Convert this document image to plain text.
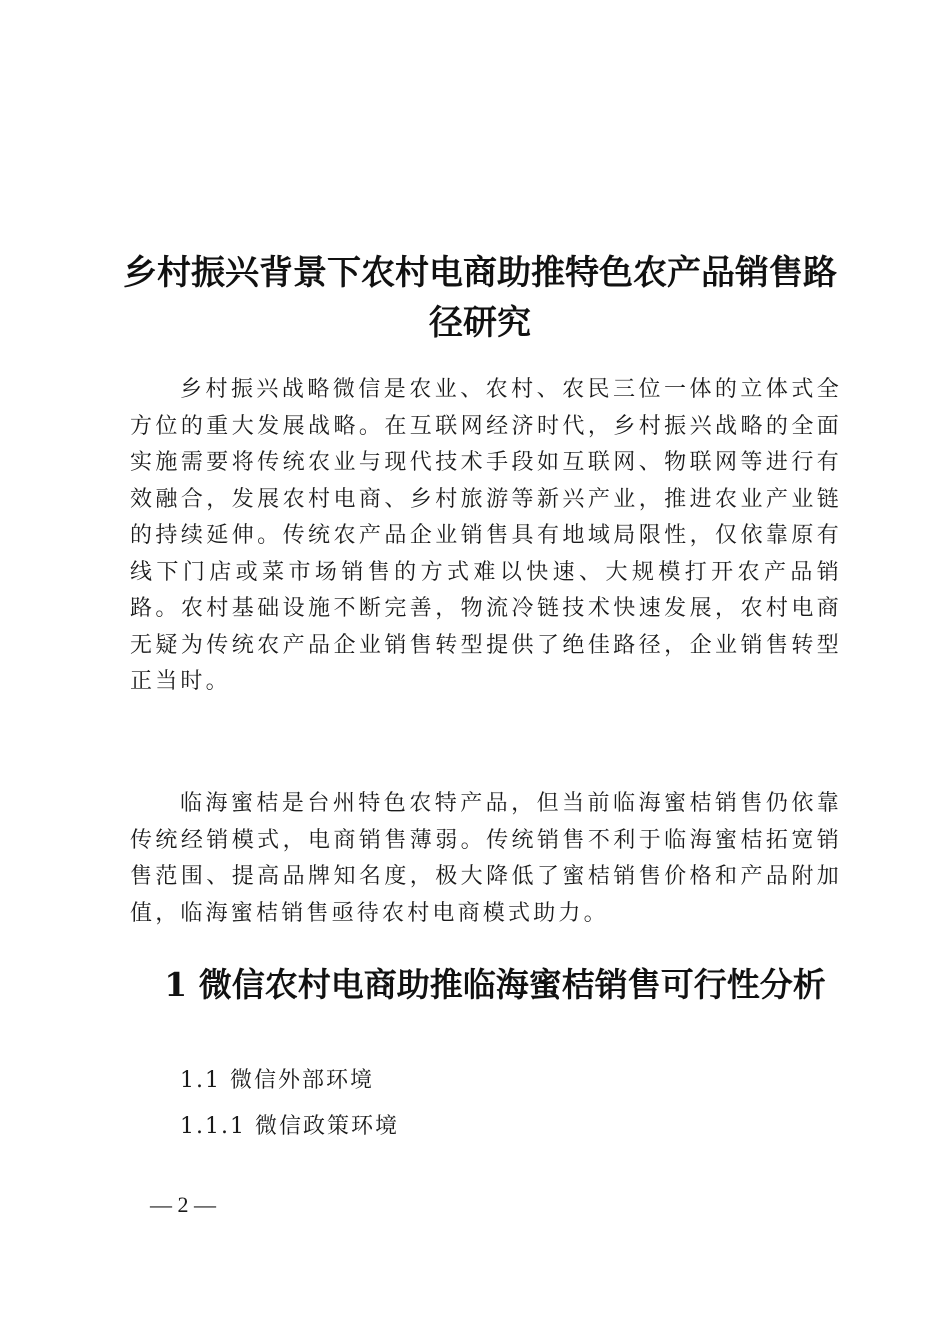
乡村振兴背景下农村电商助推特色农产品销售路径研究

乡村振兴战略微信是农业、农村、农民三位一体的立体式全方位的重大发展战略。在互联网经济时代，乡村振兴战略的全面实施需要将传统农业与现代技术手段如互联网、物联网等进行有效融合，发展农村电商、乡村旅游等新兴产业，推进农业产业链的持续延伸。传统农产品企业销售具有地域局限性，仅依靠原有线下门店或菜市场销售的方式难以快速、大规模打开农产品销路。农村基础设施不断完善，物流冷链技术快速发展，农村电商无疑为传统农产品企业销售转型提供了绝佳路径，企业销售转型正当时。

临海蜜桔是台州特色农特产品，但当前临海蜜桔销售仍依靠传统经销模式，电商销售薄弱。传统销售不利于临海蜜桔拓宽销售范围、提高品牌知名度，极大降低了蜜桔销售价格和产品附加值，临海蜜桔销售亟待农村电商模式助力。

1 微信农村电商助推临海蜜桔销售可行性分析
1.1 微信外部环境
1.1.1 微信政策环境
— 2 —
